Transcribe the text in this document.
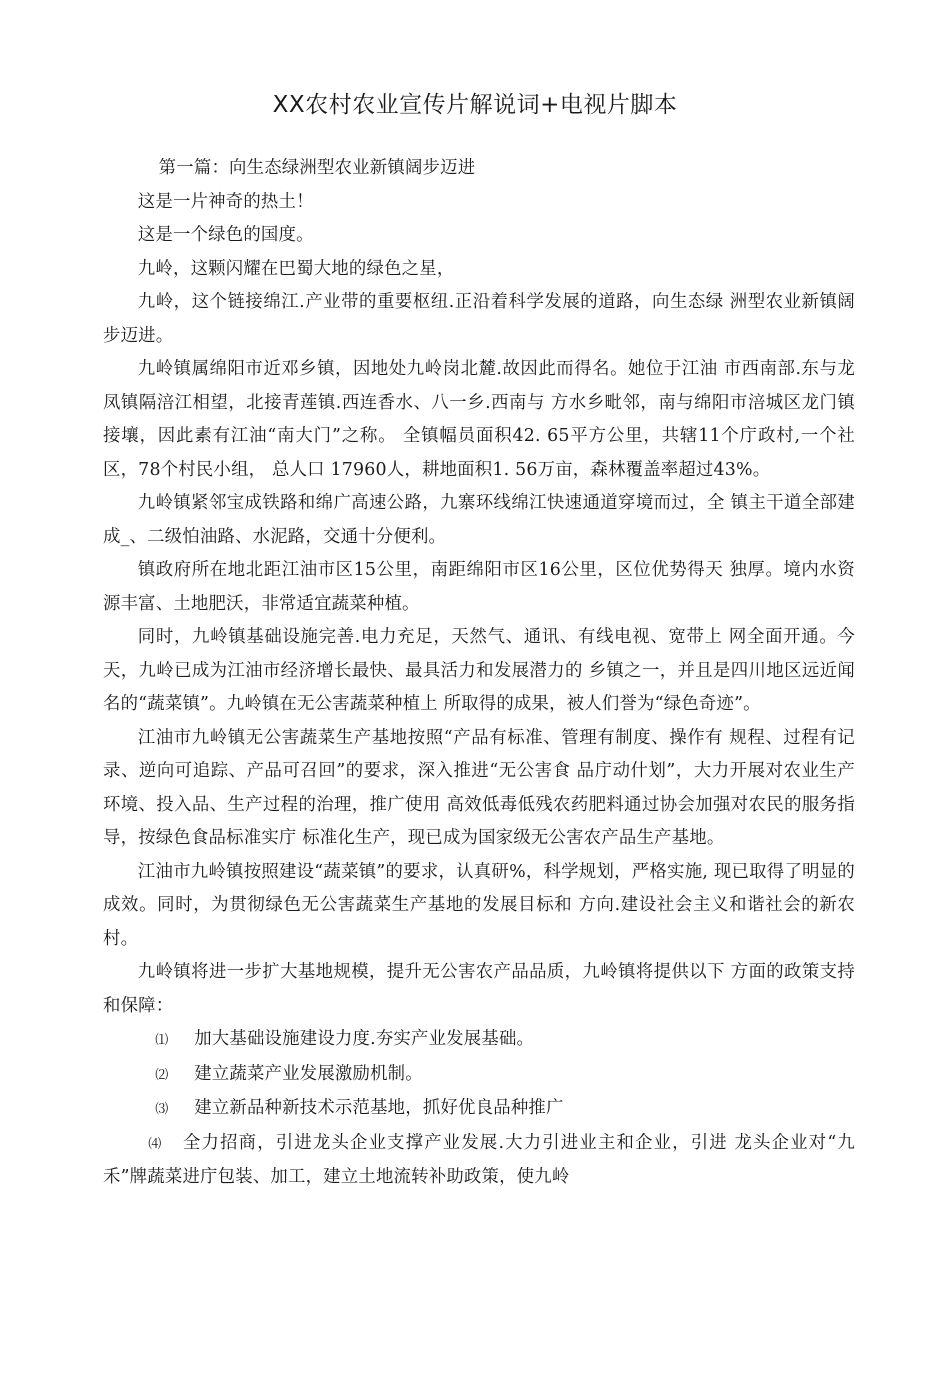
XX农村农业宣传片解说词+电视片脚本

第一篇：向生态绿洲型农业新镇阔步迈进

这是一片神奇的热土！

这是一个绿色的国度。

九岭，这颗闪耀在巴蜀大地的绿色之星，

九岭，这个链接绵江.产业带的重要枢纽.正沿着科学发展的道路，向生态绿 洲型农业新镇阔步迈进。

九岭镇属绵阳市近邓乡镇，因地处九岭岗北麓.故因此而得名。她位于江油 市西南部.东与龙凤镇隔涪江相望，北接青莲镇.西连香水、八一乡.西南与 方水乡毗邻，南与绵阳市涪城区龙门镇接壤，因此素有江油“南大门”之称。 全镇幅员面积42. 65平方公里，共辖11个庁政村,一个社区，78个村民小组， 总人口 17960人，耕地面积1. 56万亩，森林覆盖率超过43%。

九岭镇紧邻宝成铁路和绵广高速公路，九寨环线绵江快速通道穿境而过，全 镇主干道全部建成_、二级怕油路、水泥路，交通十分便利。

镇政府所在地北距江油市区15公里，南距绵阳市区16公里，区位优势得天 独厚。境内水资源丰富、土地肥沃，非常适宜蔬菜种植。

同时，九岭镇基础设施完善.电力充足，天然气、通讯、有线电视、宽带上 网全面开通。今天，九岭已成为江油市经济增长最快、最具活力和发展潜力的 乡镇之一，并且是四川地区远近闻名的“蔬菜镇”。九岭镇在无公害蔬菜种植上 所取得的成果，被人们誉为“绿色奇迹”。

江油市九岭镇无公害蔬菜生产基地按照“产品有标准、管理有制度、操作有 规程、过程有记录、逆向可追踪、产品可召回”的要求，深入推进“无公害食 品庁动什划”，大力开展对农业生产环境、投入品、生产过程的治理，推广使用 高效低毒低残农药肥料通过协会加强对农民的服务指导，按绿色食品标准实庁 标准化生产，现已成为国家级无公害农产品生产基地。

江油市九岭镇按照建设“蔬菜镇”的要求，认真研%，科学规划，严格实施, 现已取得了明显的成效。同时，为贯彻绿色无公害蔬菜生产基地的发展目标和 方向.建设社会主义和谐社会的新农村。

九岭镇将进一步扩大基地规模，提升无公害农产品品质，九岭镇将提供以下 方面的政策支持和保障：

⑴ 加大基础设施建设力度.夯实产业发展基础。

⑵ 建立蔬菜产业发展激励机制。

⑶ 建立新品种新技术示范基地，抓好优良品种推广

⑷ 全力招商，引进龙头企业支撑产业发展.大力引进业主和企业，引进 龙头企业对“九禾”牌蔬菜进庁包装、加工，建立土地流转补助政策，使九岭
